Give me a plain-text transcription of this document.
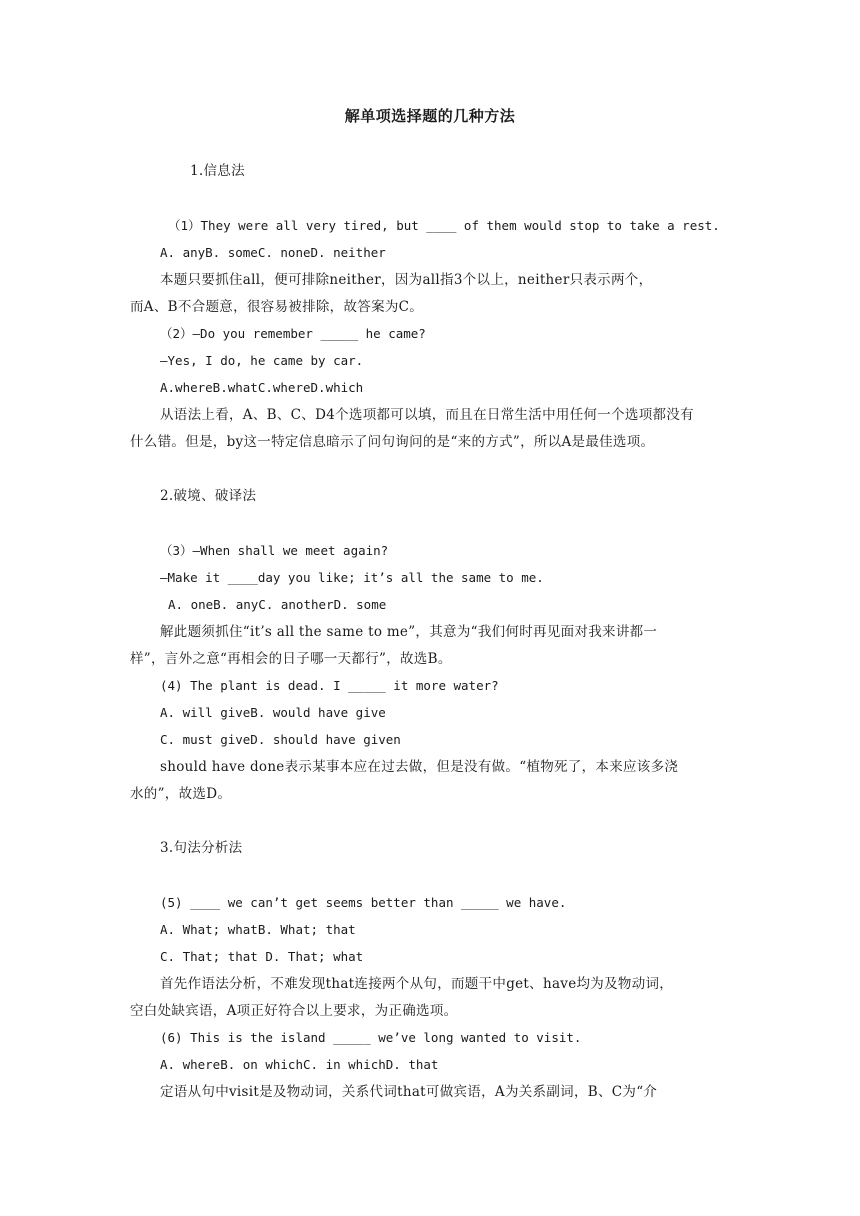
解单项选择题的几种方法
1.信息法
（1）They were all very tired, but ____ of them would stop to take a rest.
A. anyB. someC. noneD. neither
本题只要抓住all，便可排除neither，因为all指3个以上，neither只表示两个，
而A、B不合题意，很容易被排除，故答案为C。
（2）—Do you remember _____ he came?
—Yes, I do, he came by car.
A.whereB.whatC.whereD.which
从语法上看，A、B、C、D4个选项都可以填，而且在日常生活中用任何一个选项都没有
什么错。但是，by这一特定信息暗示了问句询问的是“来的方式”，所以A是最佳选项。
2.破境、破译法
（3）—When shall we meet again?
—Make it ____day you like; it’s all the same to me.
A. oneB. anyC. anotherD. some
解此题须抓住“it’s all the same to me”，其意为“我们何时再见面对我来讲都一
样”，言外之意“再相会的日子哪一天都行”，故选B。
(4) The plant is dead. I _____ it more water?
A. will giveB. would have give
C. must giveD. should have given
should have done表示某事本应在过去做，但是没有做。“植物死了，本来应该多浇
水的”，故选D。
3.句法分析法
(5) ____ we can’t get seems better than _____ we have.
A. What; whatB. What; that
C. That; that D. That; what
首先作语法分析，不难发现that连接两个从句，而题干中get、have均为及物动词，
空白处缺宾语，A项正好符合以上要求，为正确选项。
(6) This is the island _____ we’ve long wanted to visit.
A. whereB. on whichC. in whichD. that
定语从句中visit是及物动词，关系代词that可做宾语，A为关系副词，B、C为“介
